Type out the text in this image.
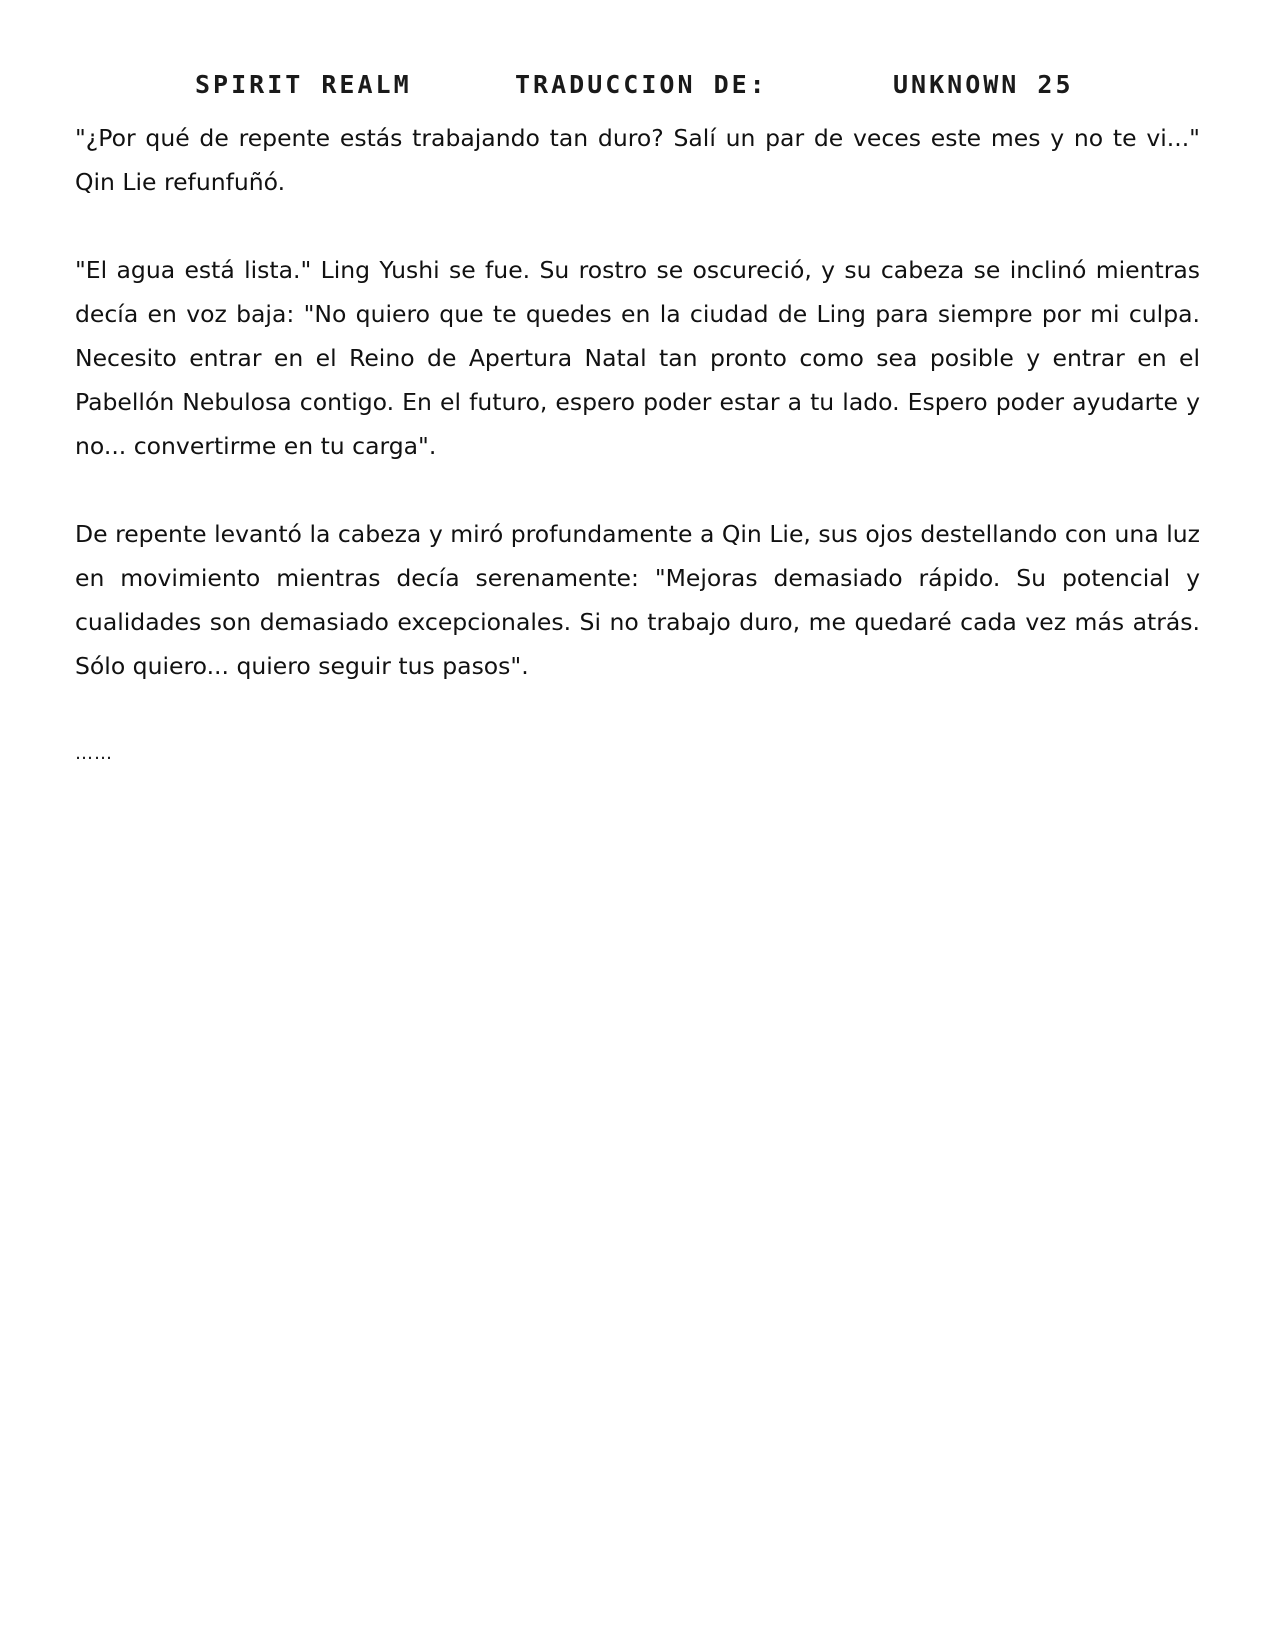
SPIRIT REALM	TRADUCCION DE:	UNKNOWN 25

"¿Por qué de repente estás trabajando tan duro? Salí un par de veces este mes y no te vi..." Qin Lie refunfuñó.

"El agua está lista." Ling Yushi se fue. Su rostro se oscureció, y su cabeza se inclinó mientras decía en voz baja: "No quiero que te quedes en la ciudad de Ling para siempre por mi culpa. Necesito entrar en el Reino de Apertura Natal tan pronto como sea posible y entrar en el Pabellón Nebulosa contigo. En el futuro, espero poder estar a tu lado. Espero poder ayudarte y no... convertirme en tu carga".

De repente levantó la cabeza y miró profundamente a Qin Lie, sus ojos destellando con una luz en movimiento mientras decía serenamente: "Mejoras demasiado rápido. Su potencial y cualidades son demasiado excepcionales. Si no trabajo duro, me quedaré cada vez más atrás. Sólo quiero... quiero seguir tus pasos".

……
